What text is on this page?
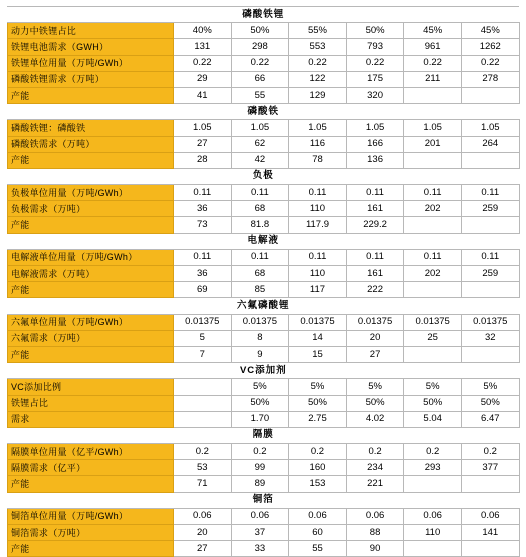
磷酸铁锂						
动力中铁锂占比	40%	50%	55%	50%	45%	45%
铁锂电池需求（GWH）	131	298	553	793	961	1262
铁锂单位用量（万吨/GWh）	0.22	0.22	0.22	0.22	0.22	0.22
磷酸铁锂需求（万吨）	29	66	122	175	211	278
产能	41	55	129	320		
磷酸铁						
磷酸铁锂：磷酸铁	1.05	1.05	1.05	1.05	1.05	1.05
磷酸铁需求（万吨）	27	62	116	166	201	264
产能	28	42	78	136		
负极						
负极单位用量（万吨/GWh）	0.11	0.11	0.11	0.11	0.11	0.11
负极需求（万吨）	36	68	110	161	202	259
产能	73	81.8	117.9	229.2		
电解液						
电解液单位用量（万吨/GWh）	0.11	0.11	0.11	0.11	0.11	0.11
电解液需求（万吨）	36	68	110	161	202	259
产能	69	85	117	222		
六氟磷酸锂						
六氟单位用量（万吨/GWh）	0.01375	0.01375	0.01375	0.01375	0.01375	0.01375
六氟需求（万吨）	5	8	14	20	25	32
产能	7	9	15	27		
VC添加剂						
VC添加比例		5%	5%	5%	5%	5%
铁锂占比		50%	50%	50%	50%	50%
需求		1.70	2.75	4.02	5.04	6.47
隔膜						
隔膜单位用量（亿平/GWh）	0.2	0.2	0.2	0.2	0.2	0.2
隔膜需求（亿平）	53	99	160	234	293	377
产能	71	89	153	221		
铜箔						
铜箔单位用量（万吨/GWh）	0.06	0.06	0.06	0.06	0.06	0.06
铜箔需求（万吨）	20	37	60	88	110	141
产能	27	33	55	90		
